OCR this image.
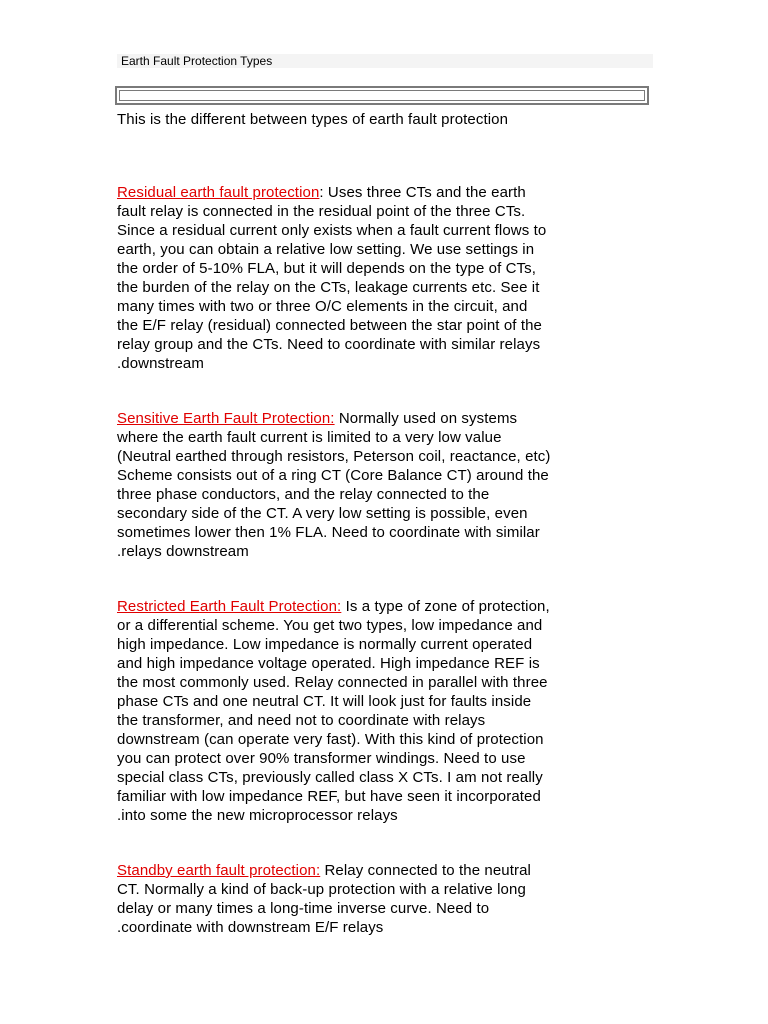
Earth Fault Protection Types
This is the different between types of earth fault protection
Residual earth fault protection: Uses three CTs and the earth
fault relay is connected in the residual point of the three CTs.
Since a residual current only exists when a fault current flows to
earth, you can obtain a relative low setting. We use settings in
the order of 5-10% FLA, but it will depends on the type of CTs,
the burden of the relay on the CTs, leakage currents etc. See it
many times with two or three O/C elements in the circuit, and
the E/F relay (residual) connected between the star point of the
relay group and the CTs. Need to coordinate with similar relays
.downstream
Sensitive Earth Fault Protection: Normally used on systems
where the earth fault current is limited to a very low value
(Neutral earthed through resistors, Peterson coil, reactance, etc)
Scheme consists out of a ring CT (Core Balance CT) around the
three phase conductors, and the relay connected to the
secondary side of the CT. A very low setting is possible, even
sometimes lower then 1% FLA. Need to coordinate with similar
.relays downstream
Restricted Earth Fault Protection: Is a type of zone of protection,
or a differential scheme. You get two types, low impedance and
high impedance. Low impedance is normally current operated
and high impedance voltage operated. High impedance REF is
the most commonly used. Relay connected in parallel with three
phase CTs and one neutral CT. It will look just for faults inside
the transformer, and need not to coordinate with relays
downstream (can operate very fast). With this kind of protection
you can protect over 90% transformer windings. Need to use
special class CTs, previously called class X CTs. I am not really
familiar with low impedance REF, but have seen it incorporated
.into some the new microprocessor relays
Standby earth fault protection: Relay connected to the neutral
CT. Normally a kind of back-up protection with a relative long
delay or many times a long-time inverse curve. Need to
.coordinate with downstream E/F relays
